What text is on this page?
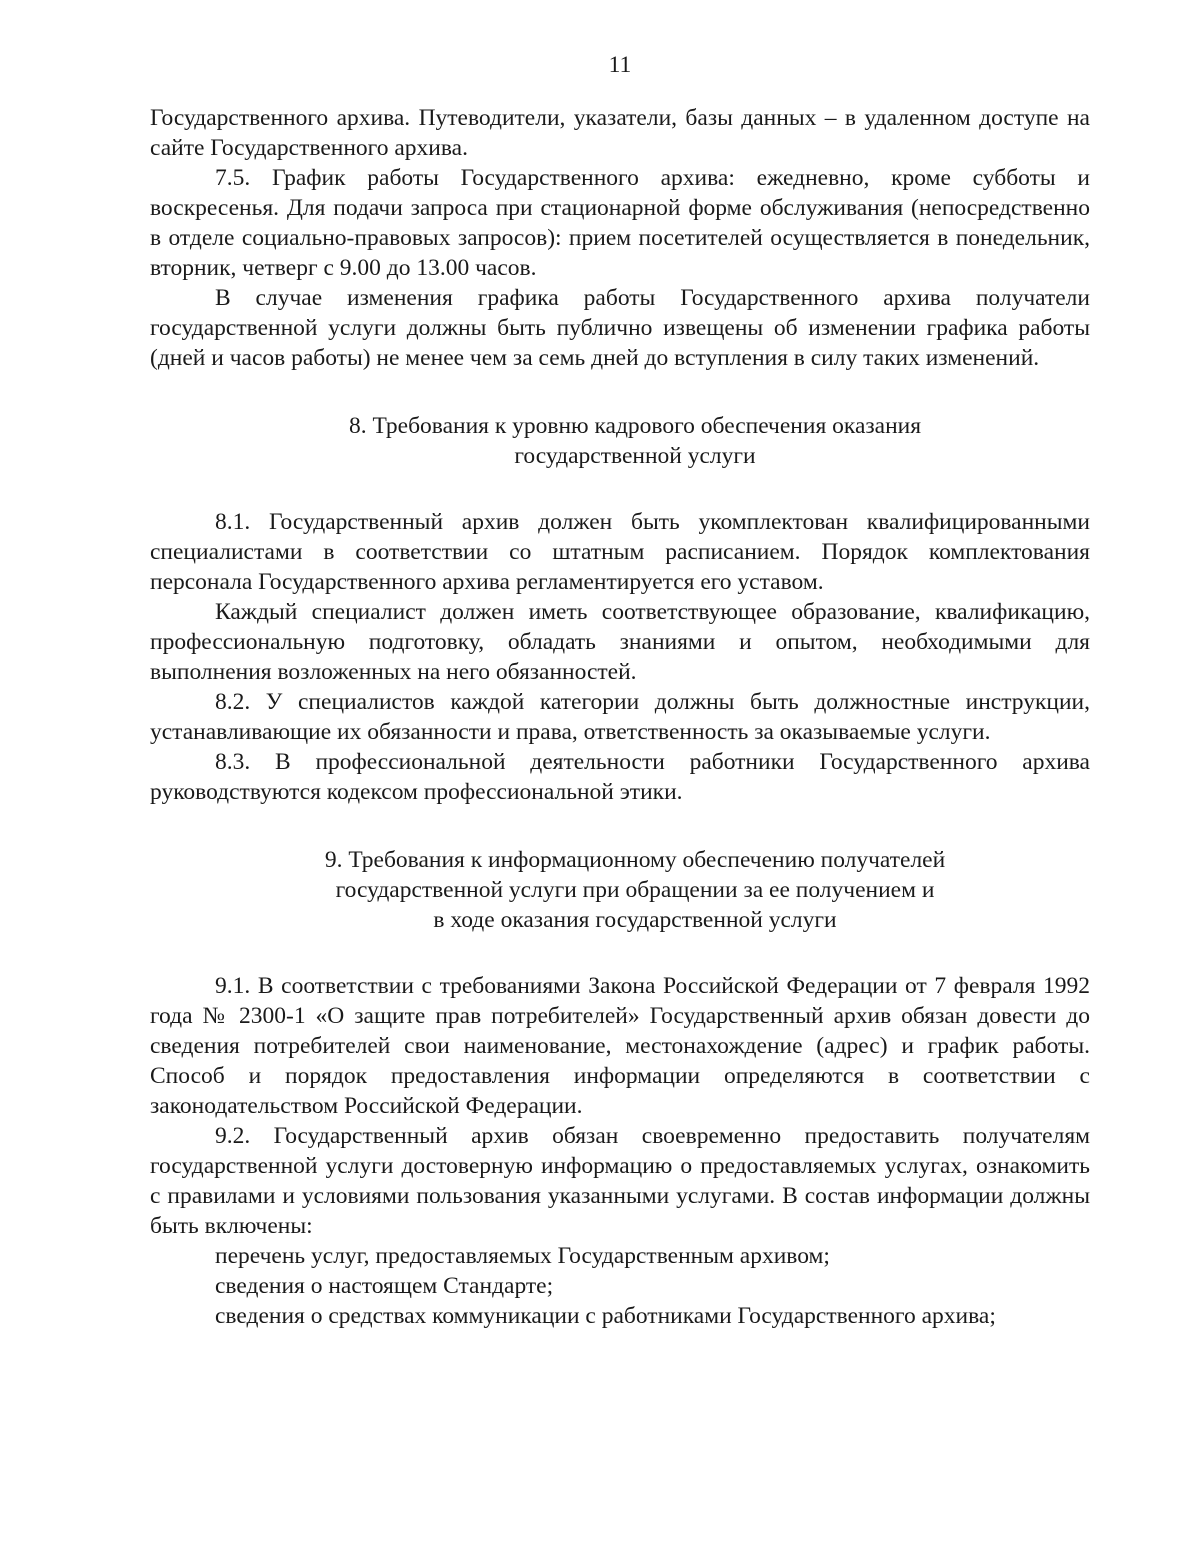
11

Государственного архива. Путеводители, указатели, базы данных – в удаленном доступе на сайте Государственного архива.

7.5. График работы Государственного архива: ежедневно, кроме субботы и воскресенья. Для подачи запроса при стационарной форме обслуживания (непосредственно в отделе социально-правовых запросов): прием посетителей осуществляется в понедельник, вторник, четверг с 9.00 до 13.00 часов.

В случае изменения графика работы Государственного архива получатели государственной услуги должны быть публично извещены об изменении графика работы (дней и часов работы) не менее чем за семь дней до вступления в силу таких изменений.

8. Требования к уровню кадрового обеспечения оказания
государственной услуги

8.1. Государственный архив должен быть укомплектован квалифицированными специалистами в соответствии со штатным расписанием. Порядок комплектования персонала Государственного архива регламентируется его уставом.

Каждый специалист должен иметь соответствующее образование, квалификацию, профессиональную подготовку, обладать знаниями и опытом, необходимыми для выполнения возложенных на него обязанностей.

8.2. У специалистов каждой категории должны быть должностные инструкции, устанавливающие их обязанности и права, ответственность за оказываемые услуги.

8.3. В профессиональной деятельности работники Государственного архива руководствуются кодексом профессиональной этики.

9. Требования к информационному обеспечению получателей
государственной услуги при обращении за ее получением и
в ходе оказания государственной услуги

9.1. В соответствии с требованиями Закона Российской Федерации от 7 февраля 1992 года № 2300-1 «О защите прав потребителей» Государственный архив обязан довести до сведения потребителей свои наименование, местонахождение (адрес) и график работы. Способ и порядок предоставления информации определяются в соответствии с законодательством Российской Федерации.

9.2. Государственный архив обязан своевременно предоставить получателям государственной услуги достоверную информацию о предоставляемых услугах, ознакомить с правилами и условиями пользования указанными услугами. В состав информации должны быть включены:

перечень услуг, предоставляемых Государственным архивом;

сведения о настоящем Стандарте;

сведения о средствах коммуникации с работниками Государственного архива;
